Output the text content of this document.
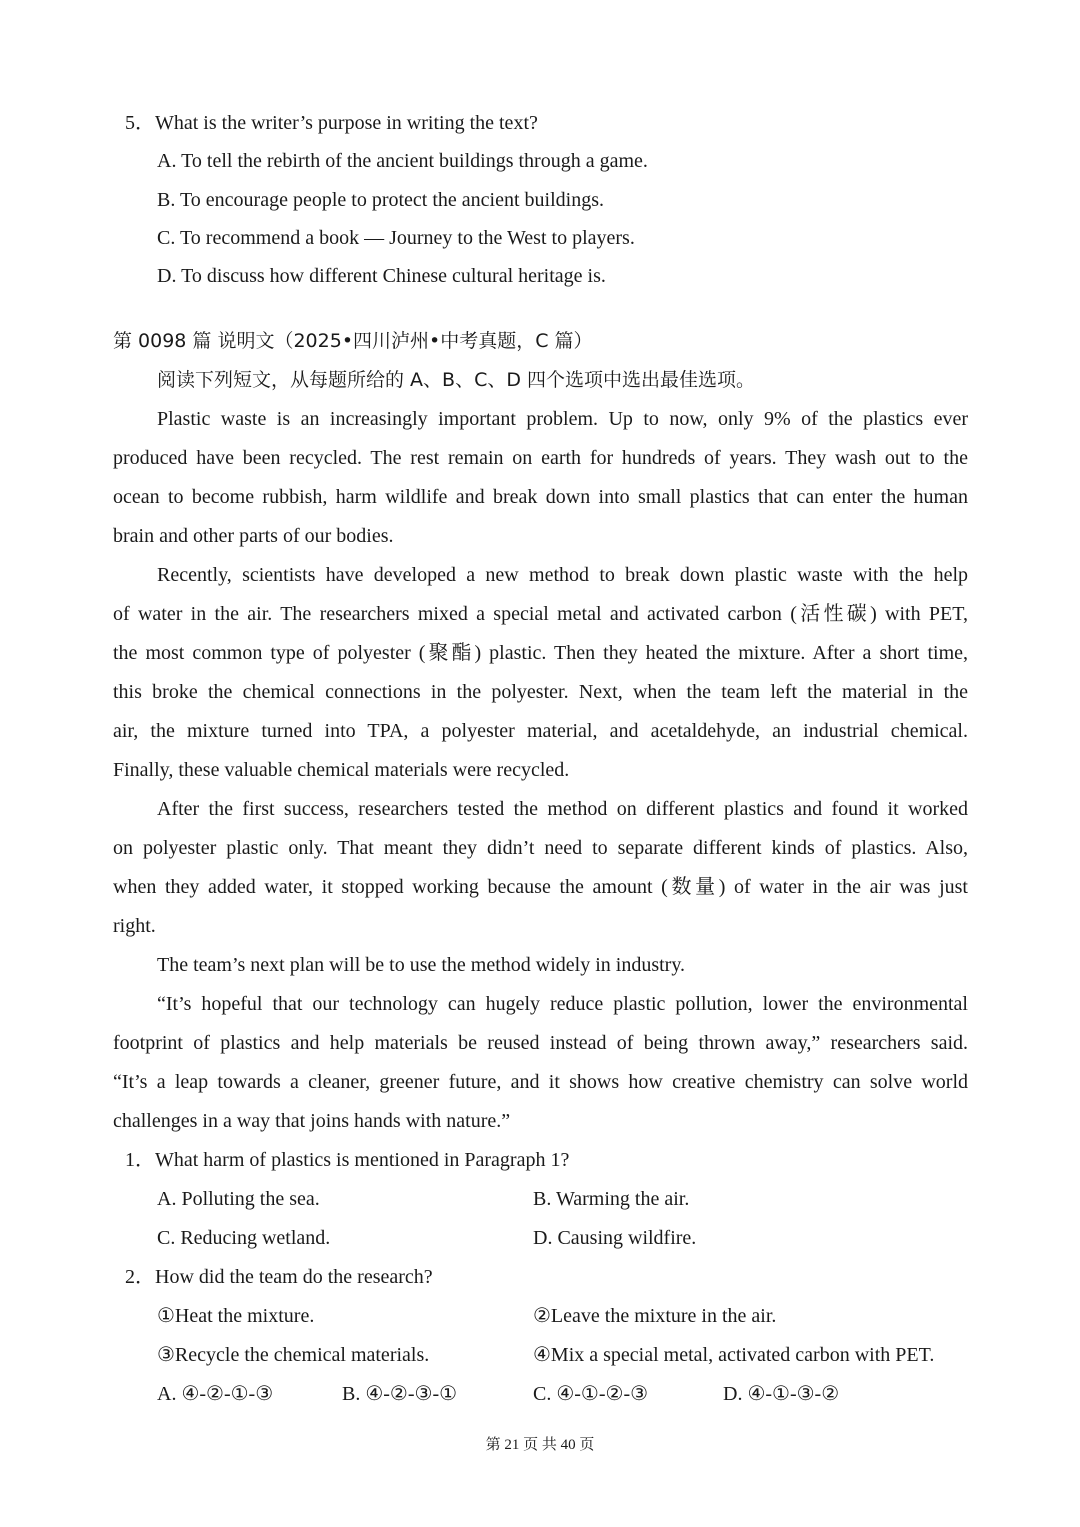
5．What is the writer’s purpose in writing the text?
A. To tell the rebirth of the ancient buildings through a game.
B. To encourage people to protect the ancient buildings.
C. To recommend a book — Journey to the West to players.
D. To discuss how different Chinese cultural heritage is.
第 0098 篇 说明文（2025•四川泸州•中考真题，C 篇）
阅读下列短文，从每题所给的 A、B、C、D 四个选项中选出最佳选项。
Plastic waste is an increasingly important problem. Up to now, only 9% of the plastics ever
produced have been recycled. The rest remain on earth for hundreds of years. They wash out to the
ocean to become rubbish, harm wildlife and break down into small plastics that can enter the human
brain and other parts of our bodies.
Recently, scientists have developed a new method to break down plastic waste with the help
of water in the air. The researchers mixed a special metal and activated carbon (活性碳) with PET,
the most common type of polyester (聚酯) plastic. Then they heated the mixture. After a short time,
this broke the chemical connections in the polyester. Next, when the team left the material in the
air, the mixture turned into TPA, a polyester material, and acetaldehyde, an industrial chemical.
Finally, these valuable chemical materials were recycled.
After the first success, researchers tested the method on different plastics and found it worked
on polyester plastic only. That meant they didn’t need to separate different kinds of plastics. Also,
when they added water, it stopped working because the amount (数量) of water in the air was just
right.
The team’s next plan will be to use the method widely in industry.
“It’s hopeful that our technology can hugely reduce plastic pollution, lower the environmental
footprint of plastics and help materials be reused instead of being thrown away,” researchers said.
“It’s a leap towards a cleaner, greener future, and it shows how creative chemistry can solve world
challenges in a way that joins hands with nature.”
1．What harm of plastics is mentioned in Paragraph 1?
A. Polluting the sea.	B. Warming the air.
C. Reducing wetland.	D. Causing wildfire.
2．How did the team do the research?
①Heat the mixture.	②Leave the mixture in the air.
③Recycle the chemical materials.	④Mix a special metal, activated carbon with PET.
A. ④-②-①-③	B. ④-②-③-①	C. ④-①-②-③	D. ④-①-③-②
第 21 页 共 40 页
